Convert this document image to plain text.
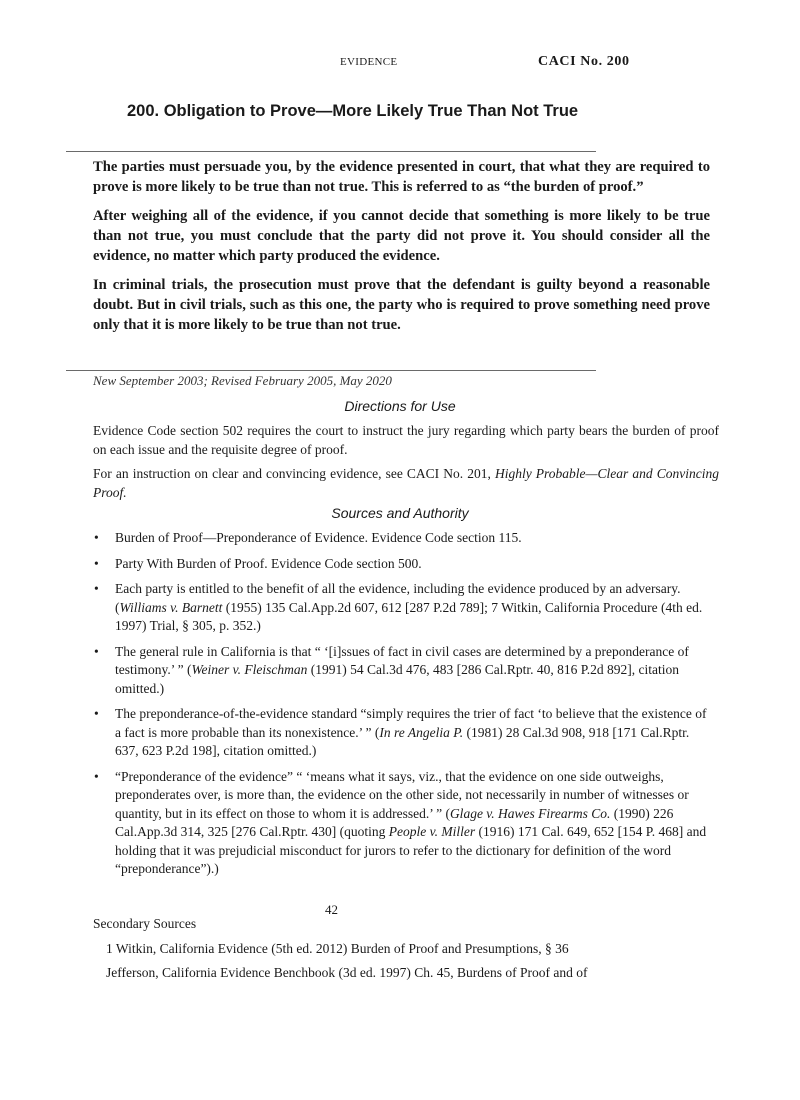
EVIDENCE	CACI No. 200
200. Obligation to Prove—More Likely True Than Not True

The parties must persuade you, by the evidence presented in court, that what they are required to prove is more likely to be true than not true. This is referred to as “the burden of proof.”

After weighing all of the evidence, if you cannot decide that something is more likely to be true than not true, you must conclude that the party did not prove it. You should consider all the evidence, no matter which party produced the evidence.

In criminal trials, the prosecution must prove that the defendant is guilty beyond a reasonable doubt. But in civil trials, such as this one, the party who is required to prove something need prove only that it is more likely to be true than not true.

New September 2003; Revised February 2005, May 2020
Directions for Use

Evidence Code section 502 requires the court to instruct the jury regarding which party bears the burden of proof on each issue and the requisite degree of proof.

For an instruction on clear and convincing evidence, see CACI No. 201, Highly Probable—Clear and Convincing Proof.

Sources and Authority
• Burden of Proof—Preponderance of Evidence. Evidence Code section 115.
• Party With Burden of Proof. Evidence Code section 500.
• Each party is entitled to the benefit of all the evidence, including the evidence produced by an adversary. (Williams v. Barnett (1955) 135 Cal.App.2d 607, 612 [287 P.2d 789]; 7 Witkin, California Procedure (4th ed. 1997) Trial, § 305, p. 352.)
• The general rule in California is that “ ‘[i]ssues of fact in civil cases are determined by a preponderance of testimony.’ ” (Weiner v. Fleischman (1991) 54 Cal.3d 476, 483 [286 Cal.Rptr. 40, 816 P.2d 892], citation omitted.)
• The preponderance-of-the-evidence standard “simply requires the trier of fact ‘to believe that the existence of a fact is more probable than its nonexistence.’ ” (In re Angelia P. (1981) 28 Cal.3d 908, 918 [171 Cal.Rptr. 637, 623 P.2d 198], citation omitted.)
• “Preponderance of the evidence” “ ‘means what it says, viz., that the evidence on one side outweighs, preponderates over, is more than, the evidence on the other side, not necessarily in number of witnesses or quantity, but in its effect on those to whom it is addressed.’ ” (Glage v. Hawes Firearms Co. (1990) 226 Cal.App.3d 314, 325 [276 Cal.Rptr. 430] (quoting People v. Miller (1916) 171 Cal. 649, 652 [154 P. 468] and holding that it was prejudicial misconduct for jurors to refer to the dictionary for definition of the word “preponderance”).)
42
Secondary Sources

1 Witkin, California Evidence (5th ed. 2012) Burden of Proof and Presumptions, § 36

Jefferson, California Evidence Benchbook (3d ed. 1997) Ch. 45, Burdens of Proof and of
